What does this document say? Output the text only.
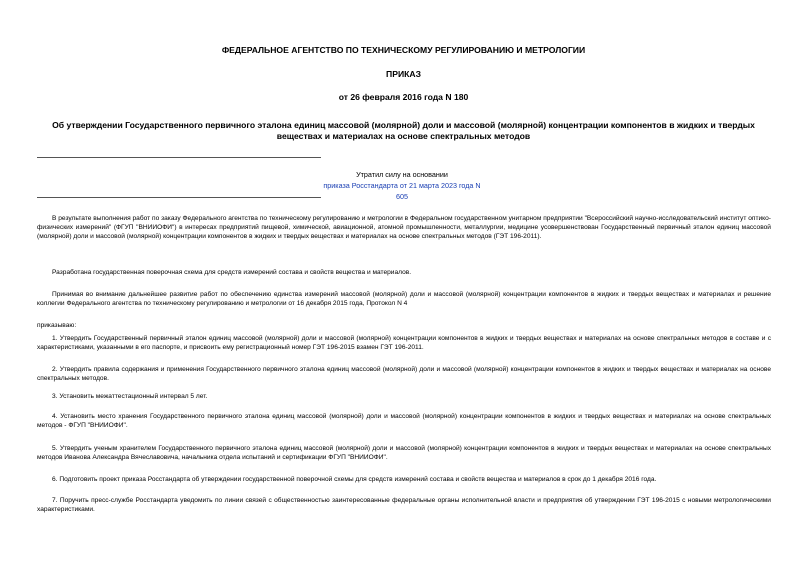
ФЕДЕРАЛЬНОЕ АГЕНТСТВО ПО ТЕХНИЧЕСКОМУ РЕГУЛИРОВАНИЮ И МЕТРОЛОГИИ
ПРИКАЗ
от 26 февраля 2016 года N 180
Об утверждении Государственного первичного эталона единиц массовой (молярной) доли и массовой (молярной) концентрации компонентов в жидких и твердых веществах и материалах на основе спектральных методов
Утратил силу на основании
приказа Росстандарта от 21 марта 2023 года N 605
В результате выполнения работ по заказу Федерального агентства по техническому регулированию и метрологии в Федеральном государственном унитарном предприятии "Всероссийский научно-исследовательский институт оптико-физических измерений" (ФГУП "ВНИИОФИ") в интересах предприятий пищевой, химической, авиационной, атомной промышленности, металлургии, медицине усовершенствован Государственный первичный эталон единиц массовой (молярной) доли и массовой (молярной) концентрации компонентов в жидких и твердых веществах и материалах на основе спектральных методов (ГЭТ 196-2011).
Разработана государственная поверочная схема для средств измерений состава и свойств вещества и материалов.
Принимая во внимание дальнейшее развитие работ по обеспечению единства измерений массовой (молярной) доли и массовой (молярной) концентрации компонентов в жидких и твердых веществах и материалах и решение коллегии Федерального агентства по техническому регулированию и метрологии от 16 декабря 2015 года, Протокол N 4
приказываю:
1. Утвердить Государственный первичный эталон единиц массовой (молярной) доли и массовой (молярной) концентрации компонентов в жидких и твердых веществах и материалах на основе спектральных методов в составе и с характеристиками, указанными в его паспорте, и присвоить ему регистрационный номер ГЭТ 196-2015 взамен ГЭТ 196-2011.
2. Утвердить правила содержания и применения Государственного первичного эталона единиц массовой (молярной) доли и массовой (молярной) концентрации компонентов в жидких и твердых веществах и материалах на основе спектральных методов.
3. Установить межаттестационный интервал 5 лет.
4. Установить место хранения Государственного первичного эталона единиц массовой (молярной) доли и массовой (молярной) концентрации компонентов в жидких и твердых веществах и материалах на основе спектральных методов - ФГУП "ВНИИОФИ".
5. Утвердить ученым хранителем Государственного первичного эталона единиц массовой (молярной) доли и массовой (молярной) концентрации компонентов в жидких и твердых веществах и материалах на основе спектральных методов Иванова Александра Вячеславовича, начальника отдела испытаний и сертификации ФГУП "ВНИИОФИ".
6. Подготовить проект приказа Росстандарта об утверждении государственной поверочной схемы для средств измерений состава и свойств вещества и материалов в срок до 1 декабря 2016 года.
7. Поручить пресс-службе Росстандарта уведомить по линии связей с общественностью заинтересованные федеральные органы исполнительной власти и предприятия об утверждении ГЭТ 196-2015 с новыми метрологическими характеристиками.
